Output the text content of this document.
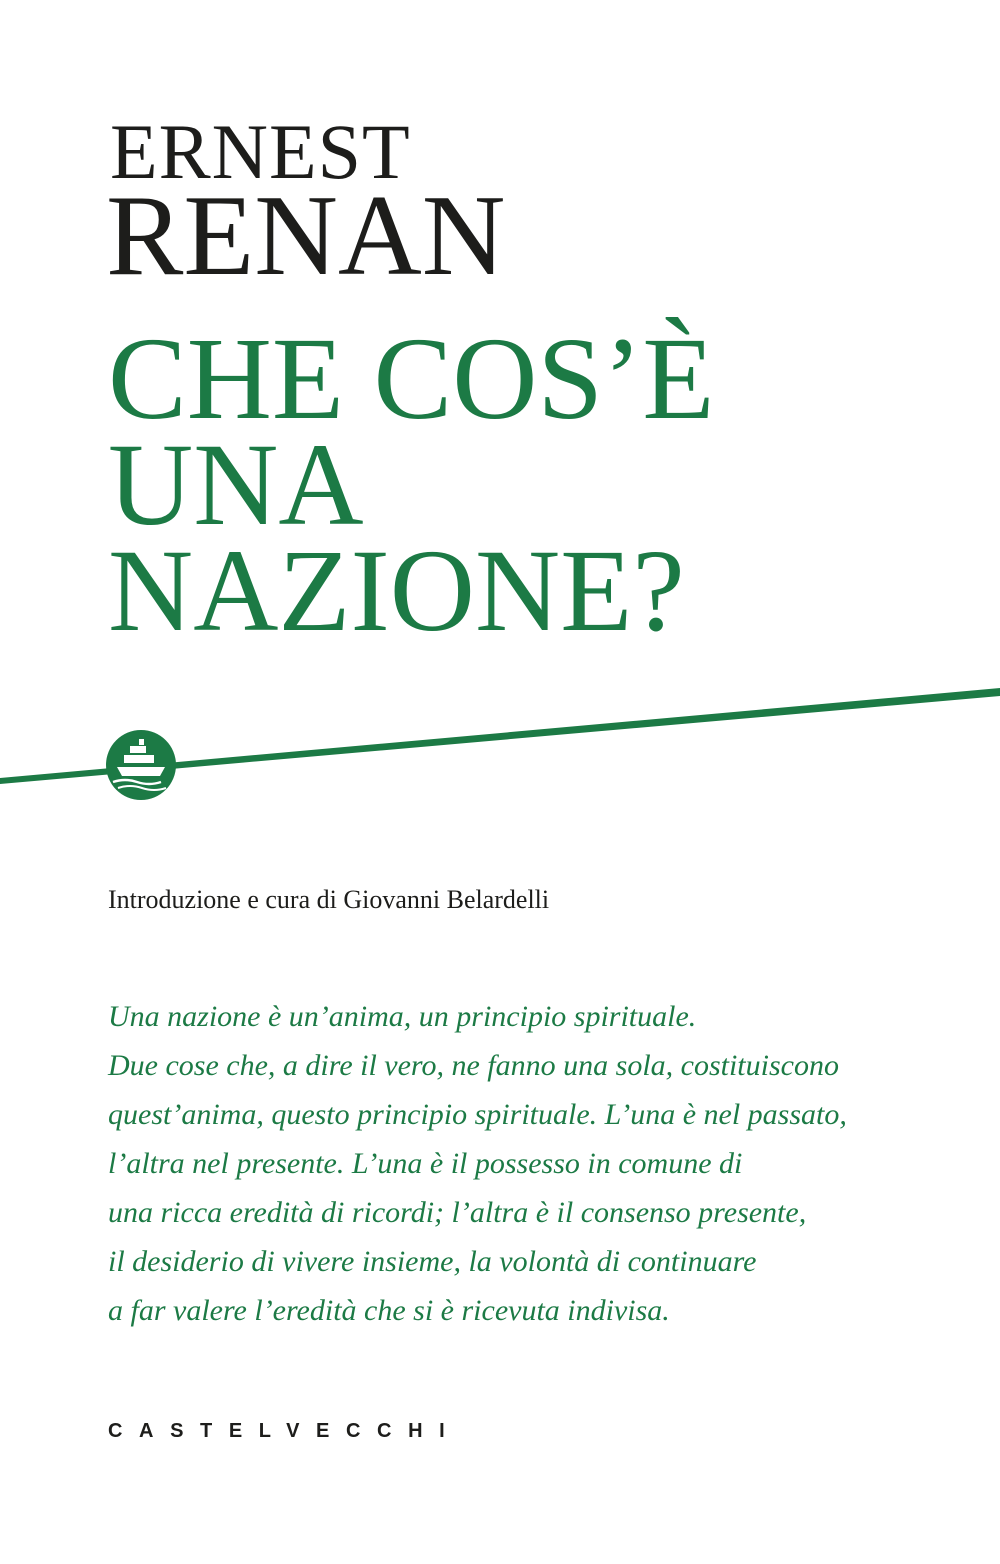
ERNEST
RENAN
CHE COS’È
UNA
NAZIONE?
Introduzione e cura di Giovanni Belardelli
Una nazione è un’anima, un principio spirituale.
Due cose che, a dire il vero, ne fanno una sola, costituiscono
quest’anima, questo principio spirituale. L’una è nel passato,
l’altra nel presente. L’una è il possesso in comune di
una ricca eredità di ricordi; l’altra è il consenso presente,
il desiderio di vivere insieme, la volontà di continuare
a far valere l’eredità che si è ricevuta indivisa.
CASTELVECCHI
